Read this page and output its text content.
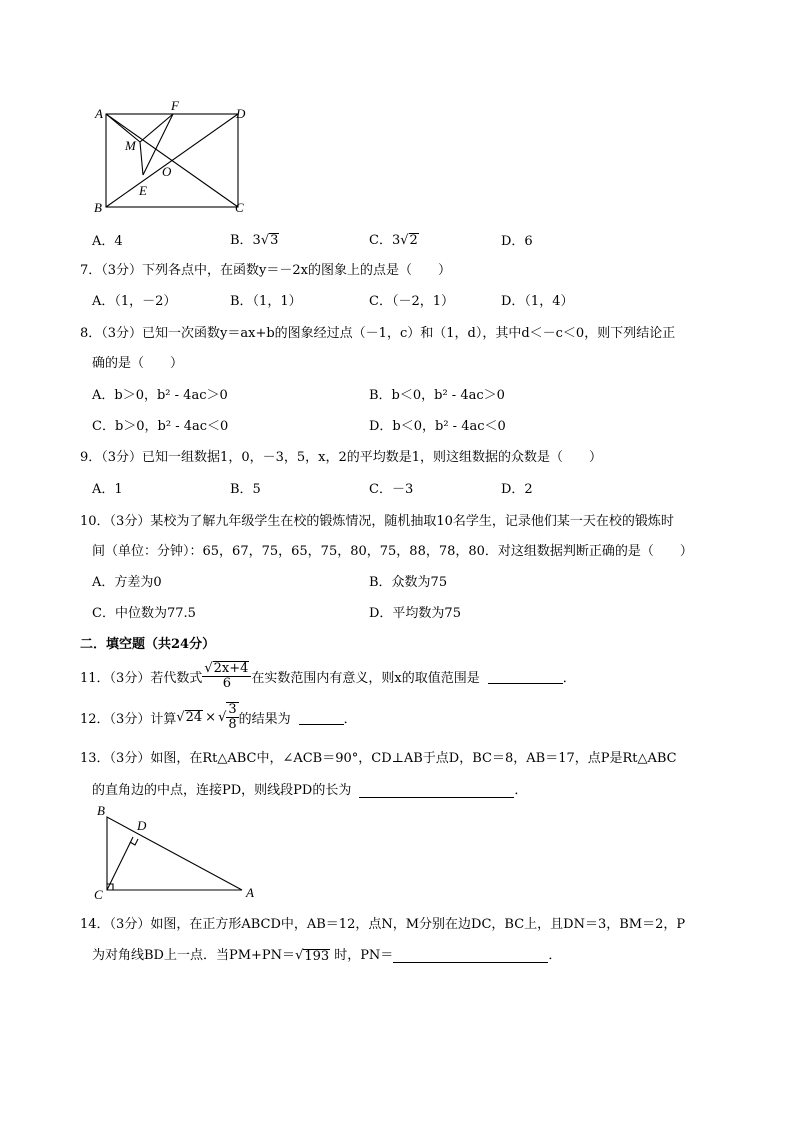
A
F
D
M
O
E
B	C
A．4	B．3√3	C．3√2	D．6
7．（3分）下列各点中，在函数y＝－2x的图象上的点是（　　）
A．（1，－2）	B．（1，1）	C．（－2，1）	D．（1，4）
8．（3分）已知一次函数y＝ax+b的图象经过点（－1，c）和（1，d），其中d＜－c＜0，则下列结论正
确的是（　　）
A．b＞0，b² - 4ac＞0	B．b＜0，b² - 4ac＞0
C．b＞0，b² - 4ac＜0	D．b＜0，b² - 4ac＜0
9．（3分）已知一组数据1，0，－3，5，x，2的平均数是1，则这组数据的众数是（　　）
A．1	B．5	C．－3	D．2
10．（3分）某校为了解九年级学生在校的锻炼情况，随机抽取10名学生，记录他们某一天在校的锻炼时
间（单位：分钟）：65，67，75，65，75，80，75，88，78，80．对这组数据判断正确的是（　　）
A．方差为0	B．众数为75
C．中位数为77.5	D．平均数为75
二．填空题（共24分）
11．（3分）若代数式 $\frac{√2x+4}{6}$ 在实数范围内有意义，则x的取值范围是	．
12．（3分）计算 √ 24 × √ $\frac{3}{8}$ 的结果为	．
13．（3分）如图，在Rt△ABC中，∠ACB＝90°，CD⊥AB于点D，BC＝8，AB＝17，点P是Rt△ABC
的直角边的中点，连接PD，则线段PD的长为	．
B
D
C	A
14．（3分）如图，在正方形ABCD中，AB＝12，点N，M分别在边DC，BC上，且DN＝3，BM＝2，P
为对角线BD上一点．当PM+PN＝ √ 193 时，PN＝	．
